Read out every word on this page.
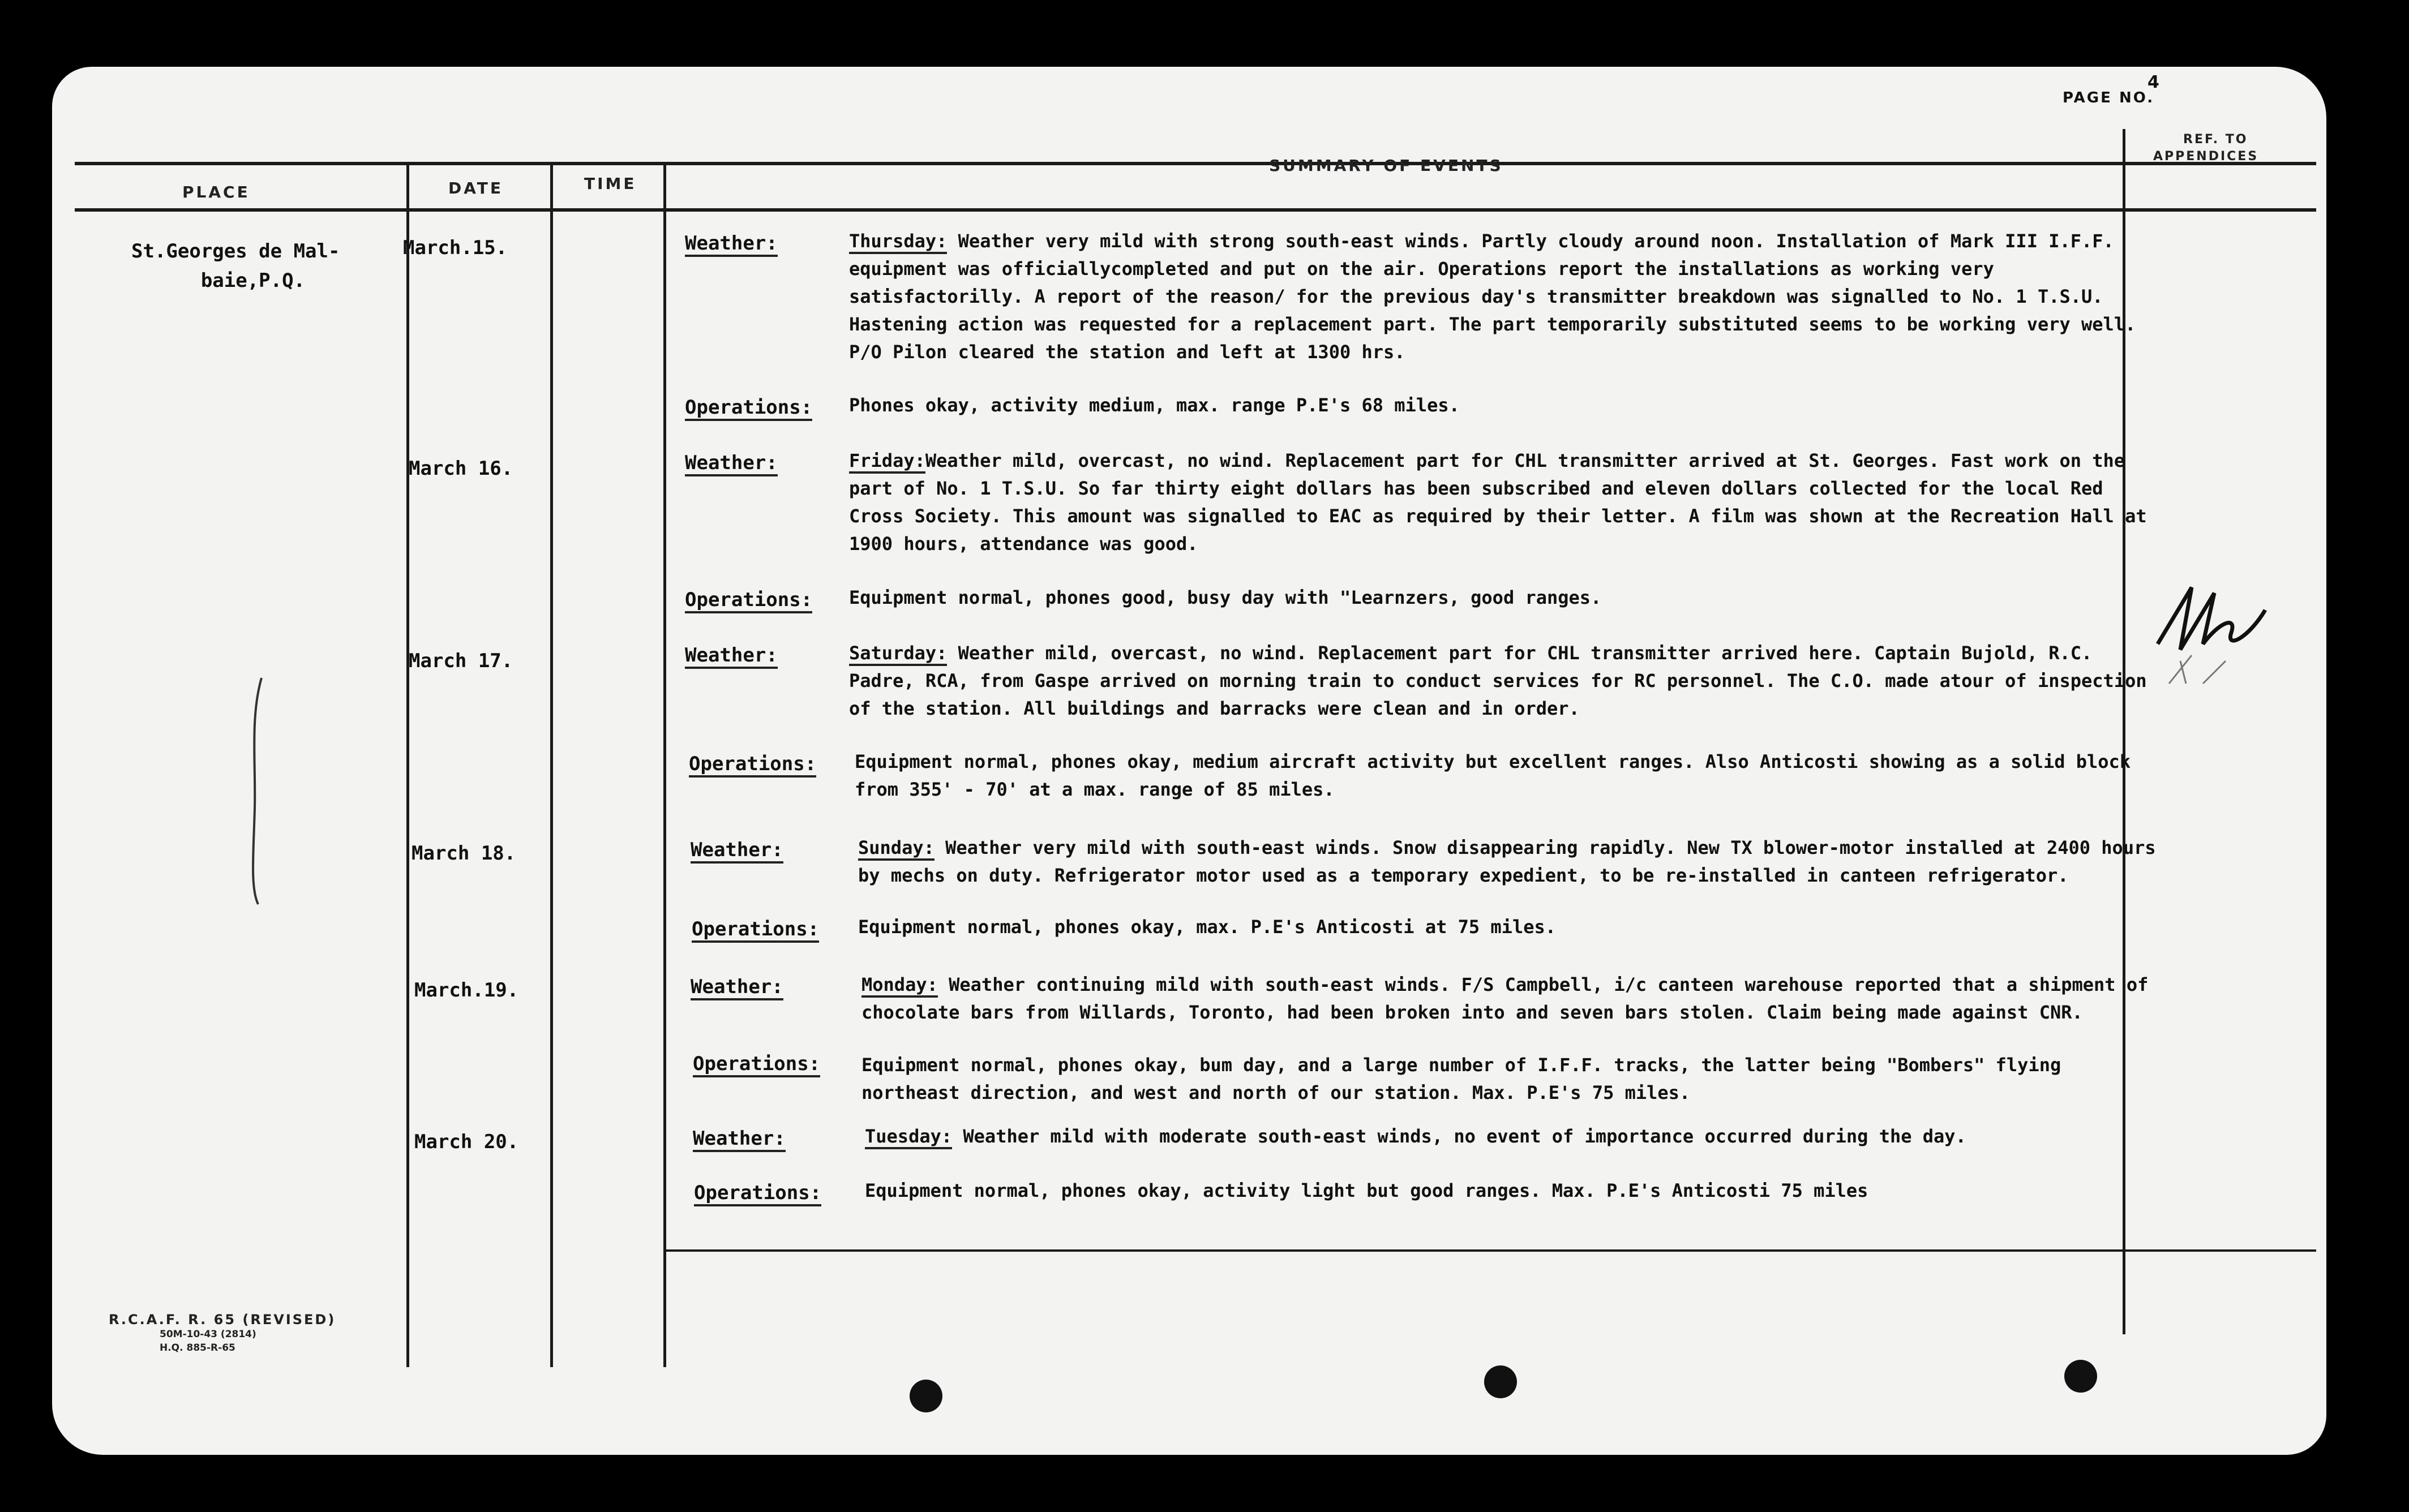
PAGE NO.
4
PLACE	DATE	TIME
SUMMARY OF EVENTS
REF. TO
APPENDICES
St.Georges de Mal-
baie,P.Q.
March.15.	Weather:	Thursday: Weather very mild with strong south-east winds. Partly cloudy around noon. Installation of Mark III I.F.F. equipment was officiallycompleted and put on the air. Operations report the installations as working very satisfactorilly. A report of the reason/ for the previous day's transmitter breakdown was signalled to No. 1 T.S.U. Hastening action was requested for a replacement part. The part temporarily substituted seems to be working very well. P/O Pilon cleared the station and left at 1300 hrs.
Operations: Phones okay, activity medium, max. range P.E's 68 miles.
March 16.	Weather:	Friday:Weather mild, overcast, no wind. Replacement part for CHL transmitter arrived at St. Georges. Fast work on the part of No. 1 T.S.U. So far thirty eight dollars has been subscribed and eleven dollars collected for the local Red Cross Society. This amount was signalled to EAC as required by their letter. A film was shown at the Recreation Hall at 1900 hours, attendance was good.
Operations: Equipment normal, phones good, busy day with "Learnzers, good ranges.
March 17.	Weather:	Saturday: Weather mild, overcast, no wind. Replacement part for CHL transmitter arrived here. Captain Bujold, R.C. Padre, RCA, from Gaspe arrived on morning train to conduct services for RC personnel. The C.O. made atour of inspection of the station. All buildings and barracks were clean and in order.
Operations: Equipment normal, phones okay, medium aircraft activity but excellent ranges. Also Anticosti showing as a solid block from 355' - 70' at a max. range of 85 miles.
March 18.	Weather:	Sunday: Weather very mild with south-east winds. Snow disappearing rapidly. New TX blower-motor installed at 2400 hours by mechs on duty. Refrigerator motor used as a temporary expedient, to be re-installed in canteen refrigerator.
Operations: Equipment normal, phones okay, max. P.E's Anticosti at 75 miles.
March.19.	Weather:	Monday: Weather continuing mild with south-east winds. F/S Campbell, i/c canteen warehouse reported that a shipment of chocolate bars from Willards, Toronto, had been broken into and seven bars stolen. Claim being made against CNR.
Operations: Equipment normal, phones okay, bum day, and a large number of I.F.F. tracks, the latter being "Bombers" flying northeast direction, and west and north of our station. Max. P.E's 75 miles.
March 20.	Weather:	Tuesday: Weather mild with moderate south-east winds, no event of importance occurred during the day.
Operations: Equipment normal, phones okay, activity light but good ranges. Max. P.E's Anticosti 75 miles
R.C.A.F. R. 65 (REVISED)
50M-10-43 (2814)
H.Q. 885-R-65
